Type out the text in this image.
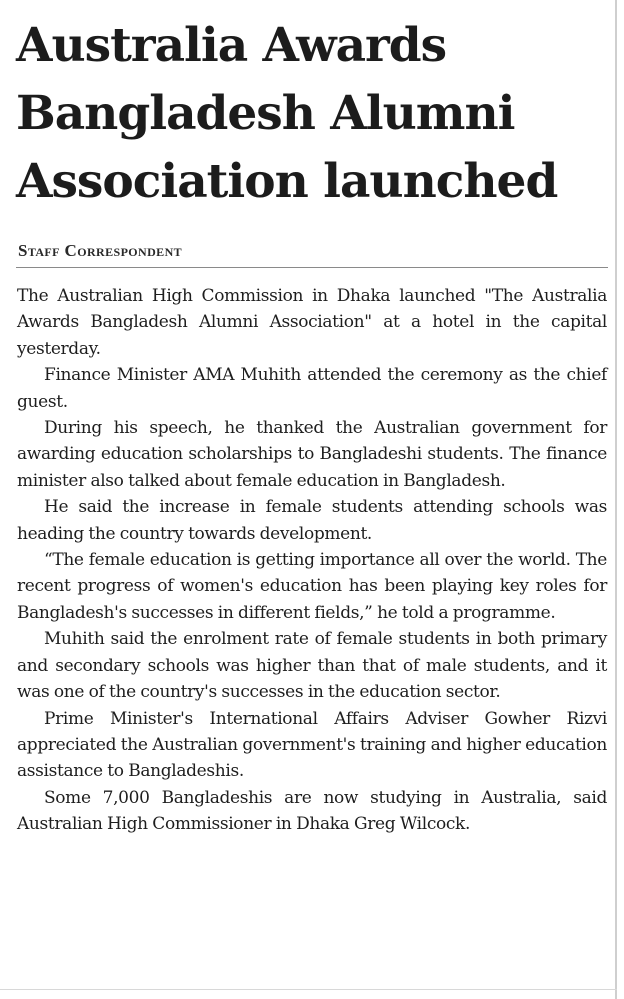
Australia Awards
Bangladesh Alumni
Association launched
Staff Correspondent

The Australian High Commission in Dhaka launched "The Australia Awards Bangladesh Alumni Association" at a hotel in the capital yesterday.

Finance Minister AMA Muhith attended the ceremony as the chief guest.

During his speech, he thanked the Australian government for awarding education scholarships to Bangladeshi students. The finance minister also talked about female education in Bangladesh.

He said the increase in female students attending schools was heading the country towards development.

“The female education is getting importance all over the world. The recent progress of women's education has been playing key roles for Bangladesh's successes in different fields,” he told a programme.

Muhith said the enrolment rate of female students in both primary and secondary schools was higher than that of male students, and it was one of the country's successes in the education sector.

Prime Minister's International Affairs Adviser Gowher Rizvi appreciated the Australian government's training and higher education assistance to Bangladeshis.

Some 7,000 Bangladeshis are now studying in Australia, said Australian High Commissioner in Dhaka Greg Wilcock.
